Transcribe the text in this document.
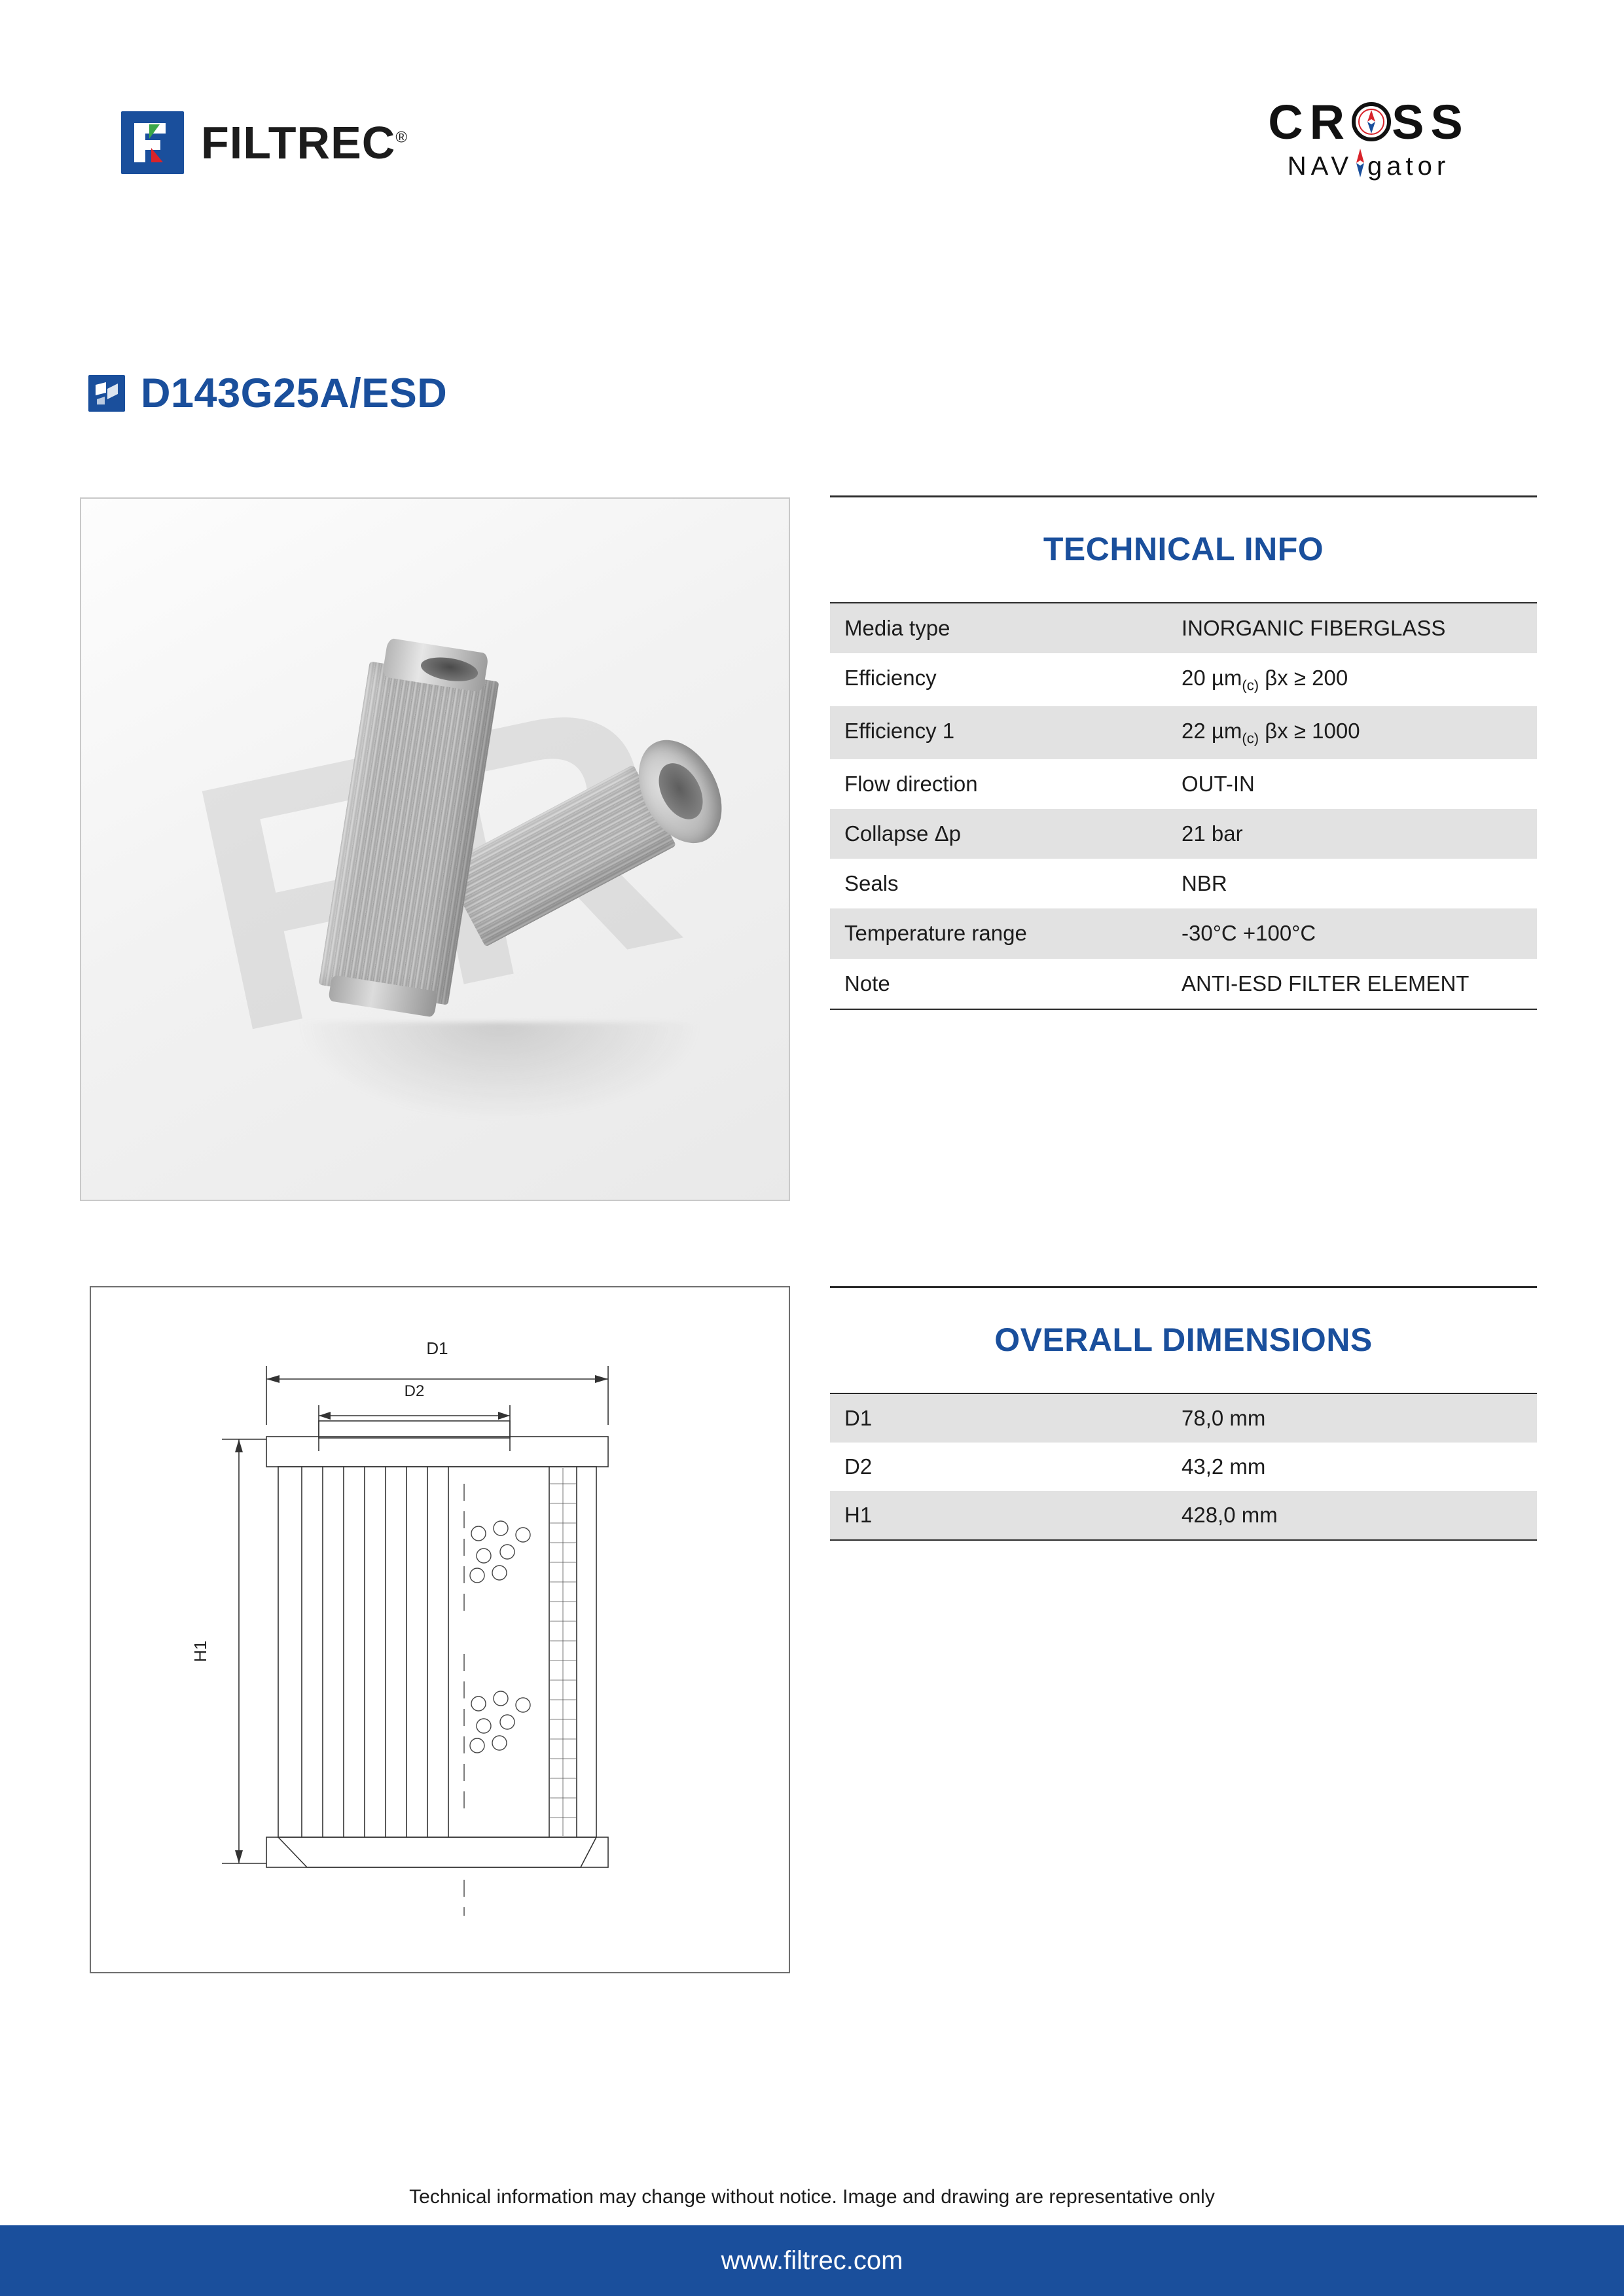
FILTREC®	CR SS
NAV gator
D143G25A/ESD
TECHNICAL INFO
Media type	INORGANIC FIBERGLASS
Efficiency	20 µm$_{(c)}$ βx ≥ 200
Efficiency 1	22 µm$_{(c)}$ βx ≥ 1000
Flow direction	OUT-IN
Collapse Δp	21 bar
Seals	NBR
Temperature range	-30°C +100°C
Note	ANTI-ESD FILTER ELEMENT
D1
D2
H1
OVERALL DIMENSIONS
D1	78,0 mm
D2	43,2 mm
H1	428,0 mm
Technical information may change without notice. Image and drawing are representative only
www.filtrec.com
